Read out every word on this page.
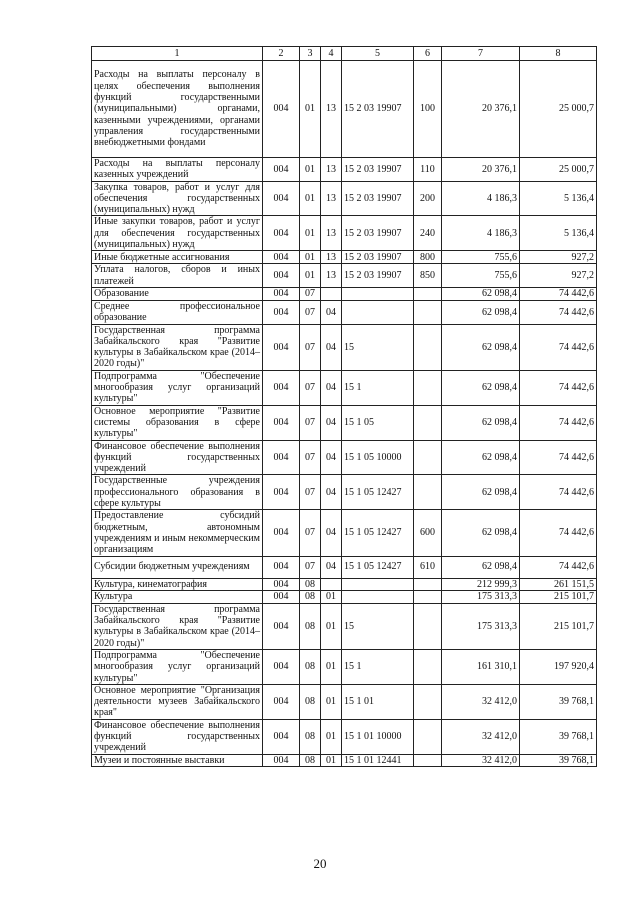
1	2	3	4	5	6	7	8
Расходы на выплаты персоналу в целях обеспечения выполнения функций государственными (муниципальными) органами, казенными учреждениями, органами управления государственными внебюджетными фондами	004	01	13	15 2 03 19907	100	20 376,1	25 000,7
Расходы на выплаты персоналу казенных учреждений	004	01	13	15 2 03 19907	110	20 376,1	25 000,7
Закупка товаров, работ и услуг для обеспечения государственных (муниципальных) нужд	004	01	13	15 2 03 19907	200	4 186,3	5 136,4
Иные закупки товаров, работ и услуг для обеспечения государственных (муниципальных) нужд	004	01	13	15 2 03 19907	240	4 186,3	5 136,4
Иные бюджетные ассигнования	004	01	13	15 2 03 19907	800	755,6	927,2
Уплата налогов, сборов и иных платежей	004	01	13	15 2 03 19907	850	755,6	927,2
Образование	004	07				62 098,4	74 442,6
Среднее профессиональное образование	004	07	04			62 098,4	74 442,6
Государственная программа Забайкальского края "Развитие культуры в Забайкальском крае (2014–2020 годы)"	004	07	04	15		62 098,4	74 442,6
Подпрограмма "Обеспечение многообразия услуг организаций культуры"	004	07	04	15 1		62 098,4	74 442,6
Основное мероприятие "Развитие системы образования в сфере культуры"	004	07	04	15 1 05		62 098,4	74 442,6
Финансовое обеспечение выполнения функций государственных учреждений	004	07	04	15 1 05 10000		62 098,4	74 442,6
Государственные учреждения профессионального образования в сфере культуры	004	07	04	15 1 05 12427		62 098,4	74 442,6
Предоставление субсидий бюджетным, автономным учреждениям и иным некоммерческим организациям	004	07	04	15 1 05 12427	600	62 098,4	74 442,6
Субсидии бюджетным учреждениям	004	07	04	15 1 05 12427	610	62 098,4	74 442,6
Культура, кинематография	004	08				212 999,3	261 151,5
Культура	004	08	01			175 313,3	215 101,7
Государственная программа Забайкальского края "Развитие культуры в Забайкальском крае (2014–2020 годы)"	004	08	01	15		175 313,3	215 101,7
Подпрограмма "Обеспечение многообразия услуг организаций культуры"	004	08	01	15 1		161 310,1	197 920,4
Основное мероприятие "Организация деятельности музеев Забайкальского края"	004	08	01	15 1 01		32 412,0	39 768,1
Финансовое обеспечение выполнения функций государственных учреждений	004	08	01	15 1 01 10000		32 412,0	39 768,1
Музеи и постоянные выставки	004	08	01	15 1 01 12441		32 412,0	39 768,1
20
